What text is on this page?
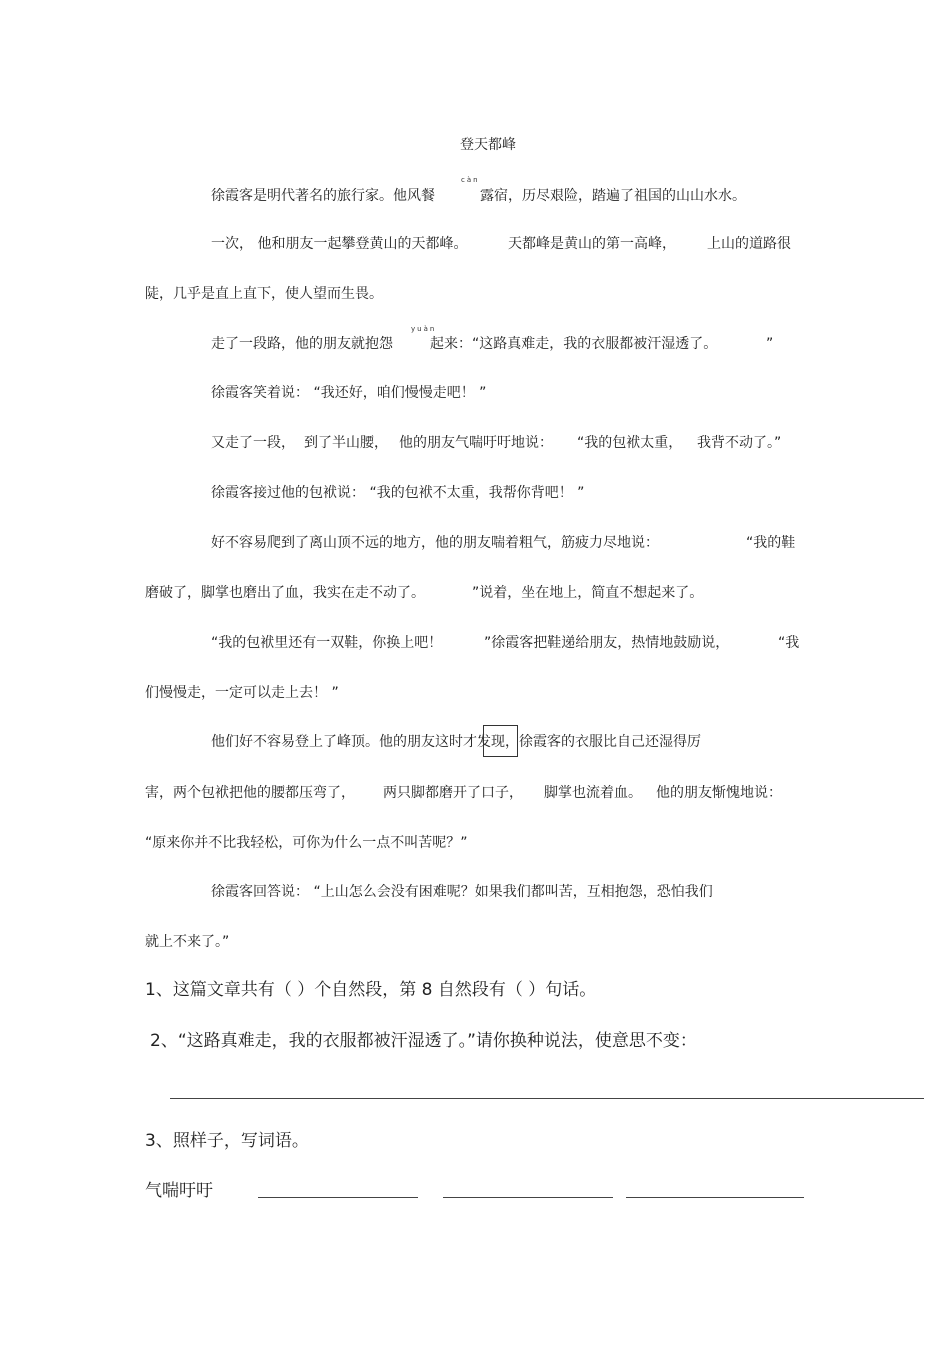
登天都峰
càn
徐霞客是明代著名的旅行家。他风餐	露宿，历尽艰险，踏遍了祖国的山山水水。
一次， 他和朋友一起攀登黄山的天都峰。	天都峰是黄山的第一高峰， 上山的道路很
陡，几乎是直上直下，使人望而生畏。
yuàn
走了一段路，他的朋友就抱怨	起来：“这路真难走，我的衣服都被汗湿透了。	”
徐霞客笑着说： “我还好，咱们慢慢走吧！ ”
又走了一段， 到了半山腰， 他的朋友气喘吁吁地说： “我的包袱太重， 我背不动了。”
徐霞客接过他的包袱说： “我的包袱不太重，我帮你背吧！ ”
好不容易爬到了离山顶不远的地方，他的朋友喘着粗气，筋疲力尽地说：	“我的鞋
磨破了，脚掌也磨出了血，我实在走不动了。	”说着，坐在地上，简直不想起来了。
“我的包袱里还有一双鞋，你换上吧！	”徐霞客把鞋递给朋友，热情地鼓励说，	“我
们慢慢走，一定可以走上去！ ”
他们好不容易登上了峰顶。他的朋友这时才发现，徐霞客的衣服比自己还湿得厉
害，两个包袱把他的腰都压弯了， 两只脚都磨开了口子， 脚掌也流着血。 他的朋友惭愧地说：
“原来你并不比我轻松，可你为什么一点不叫苦呢？”
徐霞客回答说： “上山怎么会没有困难呢？如果我们都叫苦，互相抱怨，恐怕我们
就上不来了。”
1、这篇文章共有（ ）个自然段，第 8 自然段有（ ）句话。
2、“这路真难走，我的衣服都被汗湿透了。”请你换种说法，使意思不变：
3、照样子，写词语。
气喘吁吁
